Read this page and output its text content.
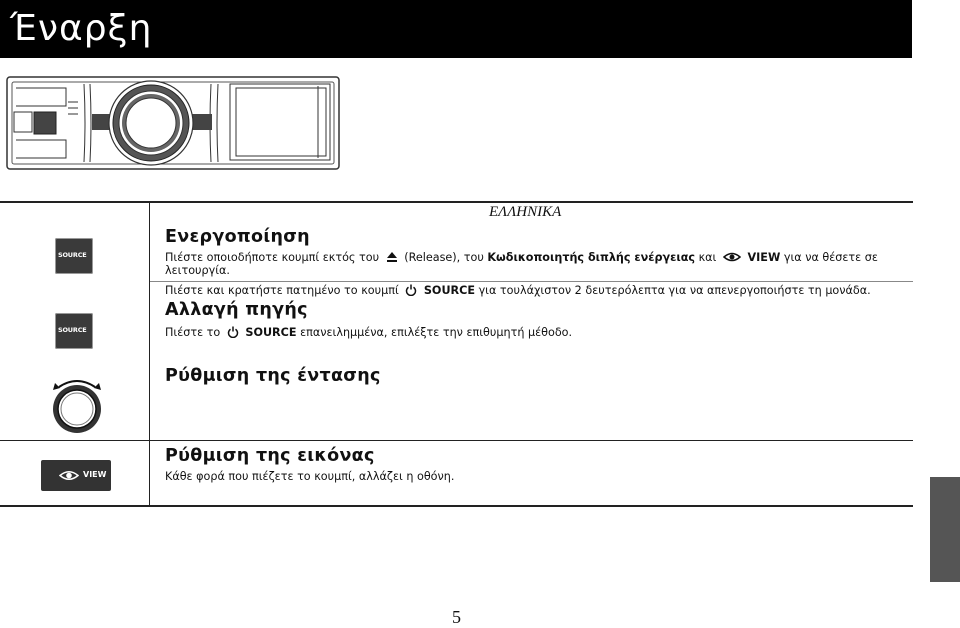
Έναρξη
ΕΛΛΗΝΙΚΑ
SOURCE
Ενεργοποίηση
Πιέστε οποιοδήποτε κουμπί εκτός του (Release), του Κωδικοποιητής διπλής ενέργειας και	VIEW για να θέσετε σε
λειτουργία.
Πιέστε και κρατήστε πατημένο το κουμπί SOURCE για τουλάχιστον 2 δευτερόλεπτα για να απενεργοποιήστε τη μονάδα.
SOURCE
Αλλαγή πηγής
Πιέστε το SOURCE επανειλημμένα, επιλέξτε την επιθυμητή μέθοδο.
Ρύθμιση της έντασης
VIEW
Ρύθμιση της εικόνας
Κάθε φορά που πιέζετε το κουμπί, αλλάζει η οθόνη.
5
